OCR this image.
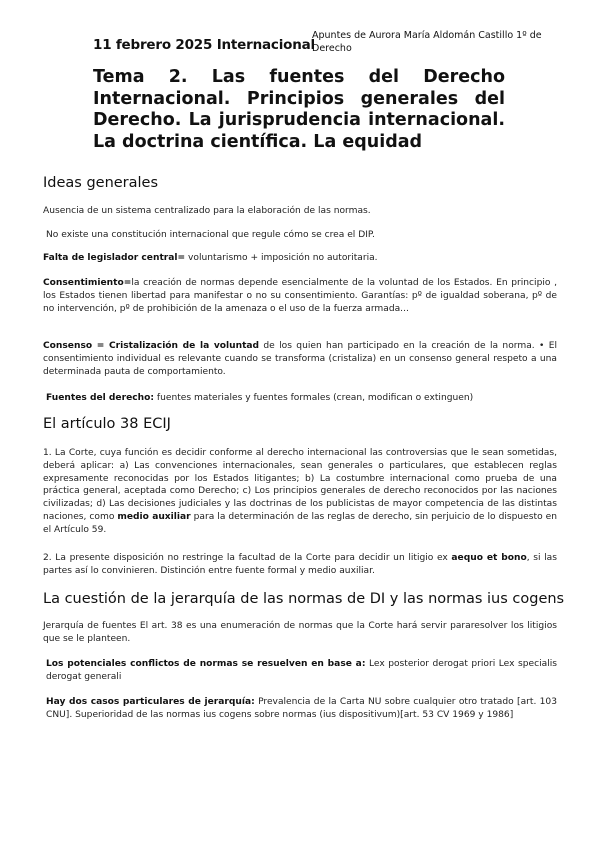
11 febrero 2025 Internacional
Apuntes de Aurora María Aldomán Castillo 1º de Derecho
Tema 2. Las fuentes del Derecho Internacional. Principios generales del Derecho. La jurisprudencia internacional. La doctrina científica. La equidad
Ideas generales
Ausencia de un sistema centralizado para la elaboración de las normas.
No existe una constitución internacional que regule cómo se crea el DIP.
Falta de legislador central= voluntarismo + imposición no autoritaria.
Consentimiento=la creación de normas depende esencialmente de la voluntad de los Estados. En principio , los Estados tienen libertad para manifestar o no su consentimiento. Garantías: pº de igualdad soberana, pº de no intervención, pº de prohibición de la amenaza o el uso de la fuerza armada...
Consenso = Cristalización de la voluntad de los quien han participado en la creación de la norma. • El consentimiento individual es relevante cuando se transforma (cristaliza) en un consenso general respeto a una determinada pauta de comportamiento.
Fuentes del derecho: fuentes materiales y fuentes formales (crean, modifican o extinguen)
El artículo 38 ECIJ
1. La Corte, cuya función es decidir conforme al derecho internacional las controversias que le sean sometidas, deberá aplicar: a) Las convenciones internacionales, sean generales o particulares, que establecen reglas expresamente reconocidas por los Estados litigantes; b) La costumbre internacional como prueba de una práctica general, aceptada como Derecho; c) Los principios generales de derecho reconocidos por las naciones civilizadas; d) Las decisiones judiciales y las doctrinas de los publicistas de mayor competencia de las distintas naciones, como medio auxiliar para la determinación de las reglas de derecho, sin perjuicio de lo dispuesto en el Artículo 59.
2. La presente disposición no restringe la facultad de la Corte para decidir un litigio ex aequo et bono, si las partes así lo convinieren. Distinción entre fuente formal y medio auxiliar.
La cuestión de la jerarquía de las normas de DI y las normas ius cogens
Jerarquía de fuentes El art. 38 es una enumeración de normas que la Corte hará servir pararesolver los litigios que se le planteen.
Los potenciales conflictos de normas se resuelven en base a: Lex posterior derogat priori Lex specialis derogat generali
Hay dos casos particulares de jerarquía: Prevalencia de la Carta NU sobre cualquier otro tratado [art. 103 CNU]. Superioridad de las normas ius cogens sobre normas (ius dispositivum)[art. 53 CV 1969 y 1986]
